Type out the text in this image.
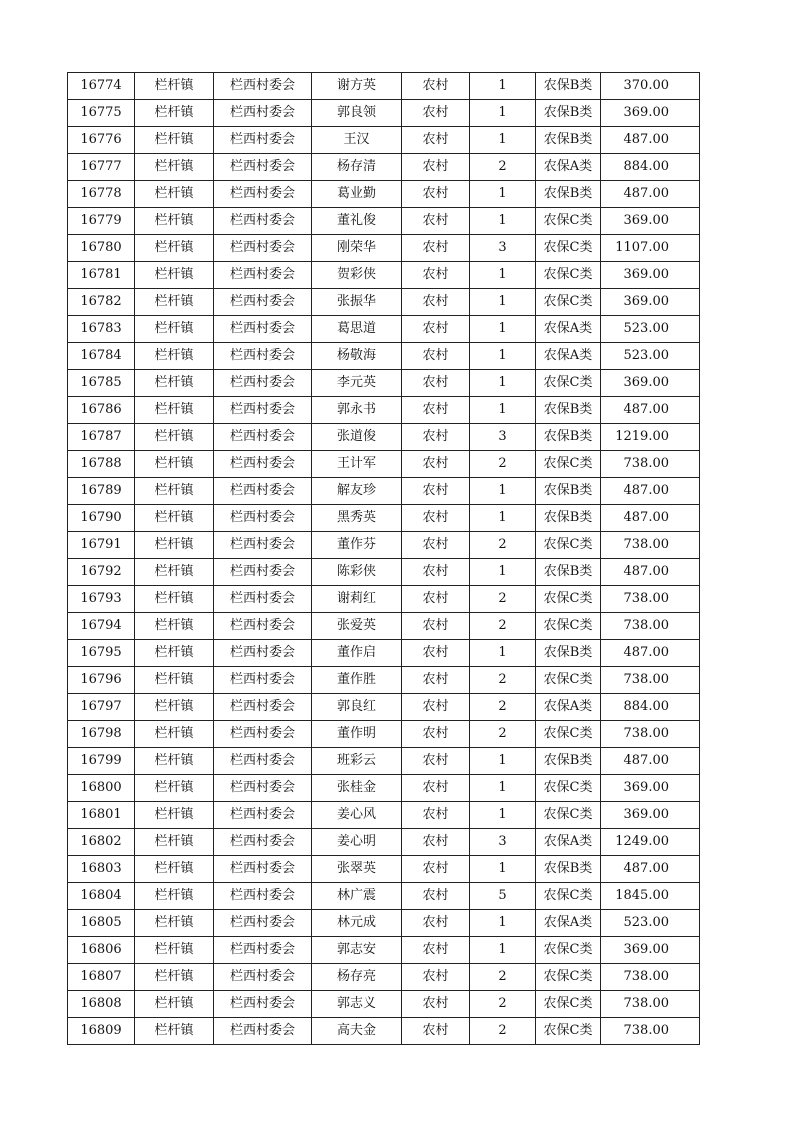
16774	栏杆镇	栏西村委会	谢方英	农村	1	农保B类	370.00
16775	栏杆镇	栏西村委会	郭良领	农村	1	农保B类	369.00
16776	栏杆镇	栏西村委会	王汉	农村	1	农保B类	487.00
16777	栏杆镇	栏西村委会	杨存清	农村	2	农保A类	884.00
16778	栏杆镇	栏西村委会	葛业勤	农村	1	农保B类	487.00
16779	栏杆镇	栏西村委会	董礼俊	农村	1	农保C类	369.00
16780	栏杆镇	栏西村委会	刚荣华	农村	3	农保C类	1107.00
16781	栏杆镇	栏西村委会	贺彩侠	农村	1	农保C类	369.00
16782	栏杆镇	栏西村委会	张振华	农村	1	农保C类	369.00
16783	栏杆镇	栏西村委会	葛思道	农村	1	农保A类	523.00
16784	栏杆镇	栏西村委会	杨敬海	农村	1	农保A类	523.00
16785	栏杆镇	栏西村委会	李元英	农村	1	农保C类	369.00
16786	栏杆镇	栏西村委会	郭永书	农村	1	农保B类	487.00
16787	栏杆镇	栏西村委会	张道俊	农村	3	农保B类	1219.00
16788	栏杆镇	栏西村委会	王计军	农村	2	农保C类	738.00
16789	栏杆镇	栏西村委会	解友珍	农村	1	农保B类	487.00
16790	栏杆镇	栏西村委会	黑秀英	农村	1	农保B类	487.00
16791	栏杆镇	栏西村委会	董作芬	农村	2	农保C类	738.00
16792	栏杆镇	栏西村委会	陈彩侠	农村	1	农保B类	487.00
16793	栏杆镇	栏西村委会	谢莉红	农村	2	农保C类	738.00
16794	栏杆镇	栏西村委会	张爱英	农村	2	农保C类	738.00
16795	栏杆镇	栏西村委会	董作启	农村	1	农保B类	487.00
16796	栏杆镇	栏西村委会	董作胜	农村	2	农保C类	738.00
16797	栏杆镇	栏西村委会	郭良红	农村	2	农保A类	884.00
16798	栏杆镇	栏西村委会	董作明	农村	2	农保C类	738.00
16799	栏杆镇	栏西村委会	班彩云	农村	1	农保B类	487.00
16800	栏杆镇	栏西村委会	张桂金	农村	1	农保C类	369.00
16801	栏杆镇	栏西村委会	姜心风	农村	1	农保C类	369.00
16802	栏杆镇	栏西村委会	姜心明	农村	3	农保A类	1249.00
16803	栏杆镇	栏西村委会	张翠英	农村	1	农保B类	487.00
16804	栏杆镇	栏西村委会	林广震	农村	5	农保C类	1845.00
16805	栏杆镇	栏西村委会	林元成	农村	1	农保A类	523.00
16806	栏杆镇	栏西村委会	郭志安	农村	1	农保C类	369.00
16807	栏杆镇	栏西村委会	杨存亮	农村	2	农保C类	738.00
16808	栏杆镇	栏西村委会	郭志义	农村	2	农保C类	738.00
16809	栏杆镇	栏西村委会	高夫金	农村	2	农保C类	738.00
